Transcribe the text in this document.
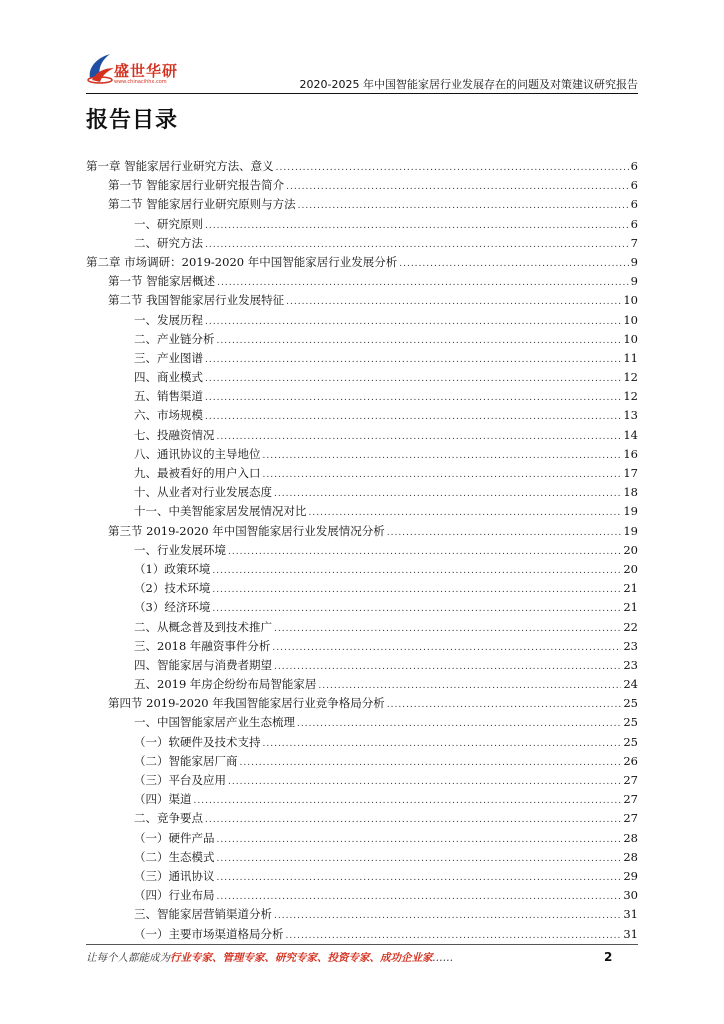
盛世华研
www.chinacihhx.com	2020-2025 年中国智能家居行业发展存在的问题及对策建议研究报告
报告目录
第一章 智能家居行业研究方法、意义 .....	6
第一节 智能家居行业研究报告简介 .....	6
第二节 智能家居行业研究原则与方法 .....	6
一、研究原则 .....	6
二、研究方法 .....	7
第二章 市场调研：2019-2020 年中国智能家居行业发展分析 .....	9
第一节 智能家居概述 .....	9
第二节 我国智能家居行业发展特征 .....	10
一、发展历程 .....	10
二、产业链分析 .....	10
三、产业图谱 .....	11
四、商业模式 .....	12
五、销售渠道 .....	12
六、市场规模 .....	13
七、投融资情况 .....	14
八、通讯协议的主导地位 .....	16
九、最被看好的用户入口 .....	17
十、从业者对行业发展态度 .....	18
十一、中美智能家居发展情况对比 .....	19
第三节 2019-2020 年中国智能家居行业发展情况分析 .....	19
一、行业发展环境 .....	20
（1）政策环境 .....	20
（2）技术环境 .....	21
（3）经济环境 .....	21
二、从概念普及到技术推广 .....	22
三、2018 年融资事件分析 .....	23
四、智能家居与消费者期望 .....	23
五、2019 年房企纷纷布局智能家居 .....	24
第四节 2019-2020 年我国智能家居行业竞争格局分析 .....	25
一、中国智能家居产业生态梳理 .....	25
（一）软硬件及技术支持 .....	25
（二）智能家居厂商 .....	26
（三）平台及应用 .....	27
（四）渠道 .....	27
二、竞争要点 .....	27
（一）硬件产品 .....	28
（二）生态模式 .....	28
（三）通讯协议 .....	29
（四）行业布局 .....	30
三、智能家居营销渠道分析 .....	31
（一）主要市场渠道格局分析 .....	31
让每个人都能成为行业专家、管理专家、研究专家、投资专家、成功企业家……	2
